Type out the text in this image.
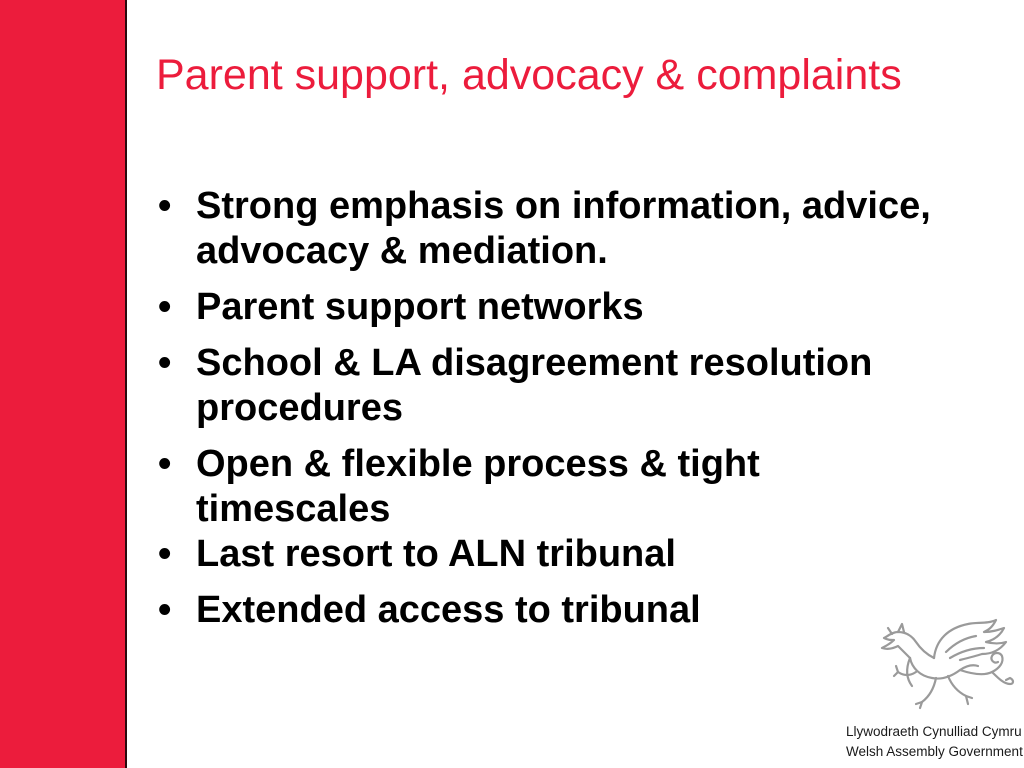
Parent support, advocacy & complaints
• Strong emphasis on information, advice, advocacy & mediation.
• Parent support networks
• School & LA disagreement resolution procedures
• Open & flexible process & tight timescales
• Last resort to ALN tribunal
• Extended access to tribunal
Llywodraeth Cynulliad Cymru
Welsh Assembly Government
